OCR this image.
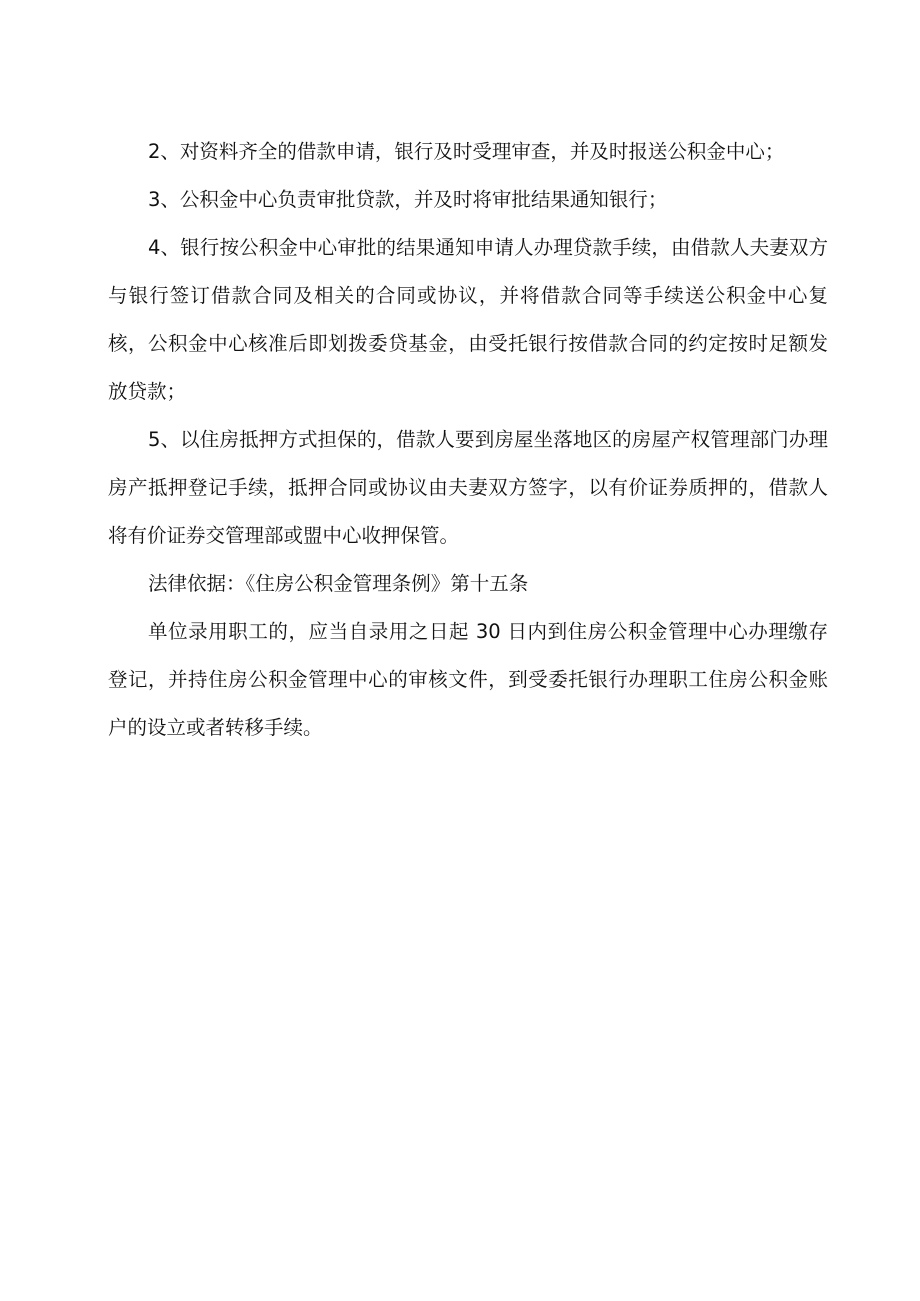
2、对资料齐全的借款申请，银行及时受理审查，并及时报送公积金中心；

3、公积金中心负责审批贷款，并及时将审批结果通知银行；

4、银行按公积金中心审批的结果通知申请人办理贷款手续，由借款人夫妻双方与银行签订借款合同及相关的合同或协议，并将借款合同等手续送公积金中心复核，公积金中心核准后即划拨委贷基金，由受托银行按借款合同的约定按时足额发放贷款；

5、以住房抵押方式担保的，借款人要到房屋坐落地区的房屋产权管理部门办理房产抵押登记手续，抵押合同或协议由夫妻双方签字，以有价证券质押的，借款人将有价证券交管理部或盟中心收押保管。

法律依据：《住房公积金管理条例》第十五条

单位录用职工的，应当自录用之日起 30 日内到住房公积金管理中心办理缴存登记，并持住房公积金管理中心的审核文件，到受委托银行办理职工住房公积金账户的设立或者转移手续。
